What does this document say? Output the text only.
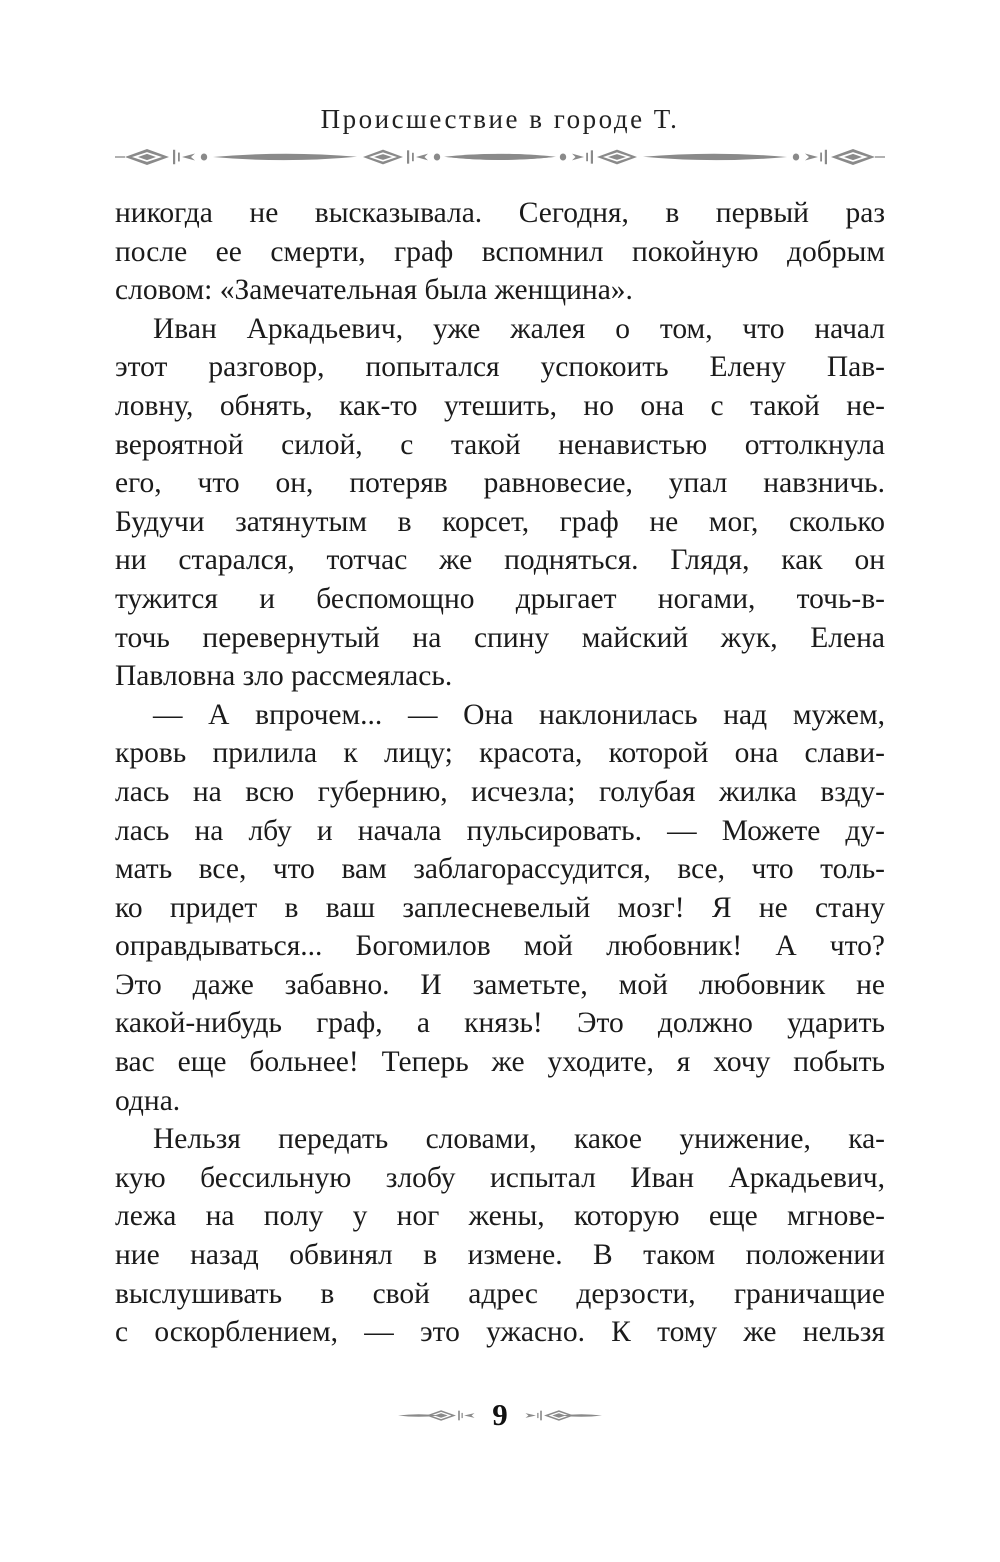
Происшествие в городе Т.
никогда не высказывала. Сегодня, в первый раз
после ее смерти, граф вспомнил покойную добрым
словом: «Замечательная была женщина».
Иван Аркадьевич, уже жалея о том, что начал
этот разговор, попытался успокоить Елену Пав-
ловну, обнять, как-то утешить, но она с такой не-
вероятной силой, с такой ненавистью оттолкнула
его, что он, потеряв равновесие, упал навзничь.
Будучи затянутым в корсет, граф не мог, сколько
ни старался, тотчас же подняться. Глядя, как он
тужится и беспомощно дрыгает ногами, точь-в-
точь перевернутый на спину майский жук, Елена
Павловна зло рассмеялась.
— А впрочем... — Она наклонилась над мужем,
кровь прилила к лицу; красота, которой она слави-
лась на всю губернию, исчезла; голубая жилка взду-
лась на лбу и начала пульсировать. — Можете ду-
мать все, что вам заблагорассудится, все, что толь-
ко придет в ваш заплесневелый мозг! Я не стану
оправдываться... Богомилов мой любовник! А что?
Это даже забавно. И заметьте, мой любовник не
какой-нибудь граф, а князь! Это должно ударить
вас еще больнее! Теперь же уходите, я хочу побыть
одна.
Нельзя передать словами, какое унижение, ка-
кую бессильную злобу испытал Иван Аркадьевич,
лежа на полу у ног жены, которую еще мгнове-
ние назад обвинял в измене. В таком положении
выслушивать в свой адрес дерзости, граничащие
с оскорблением, — это ужасно. К тому же нельзя
9
